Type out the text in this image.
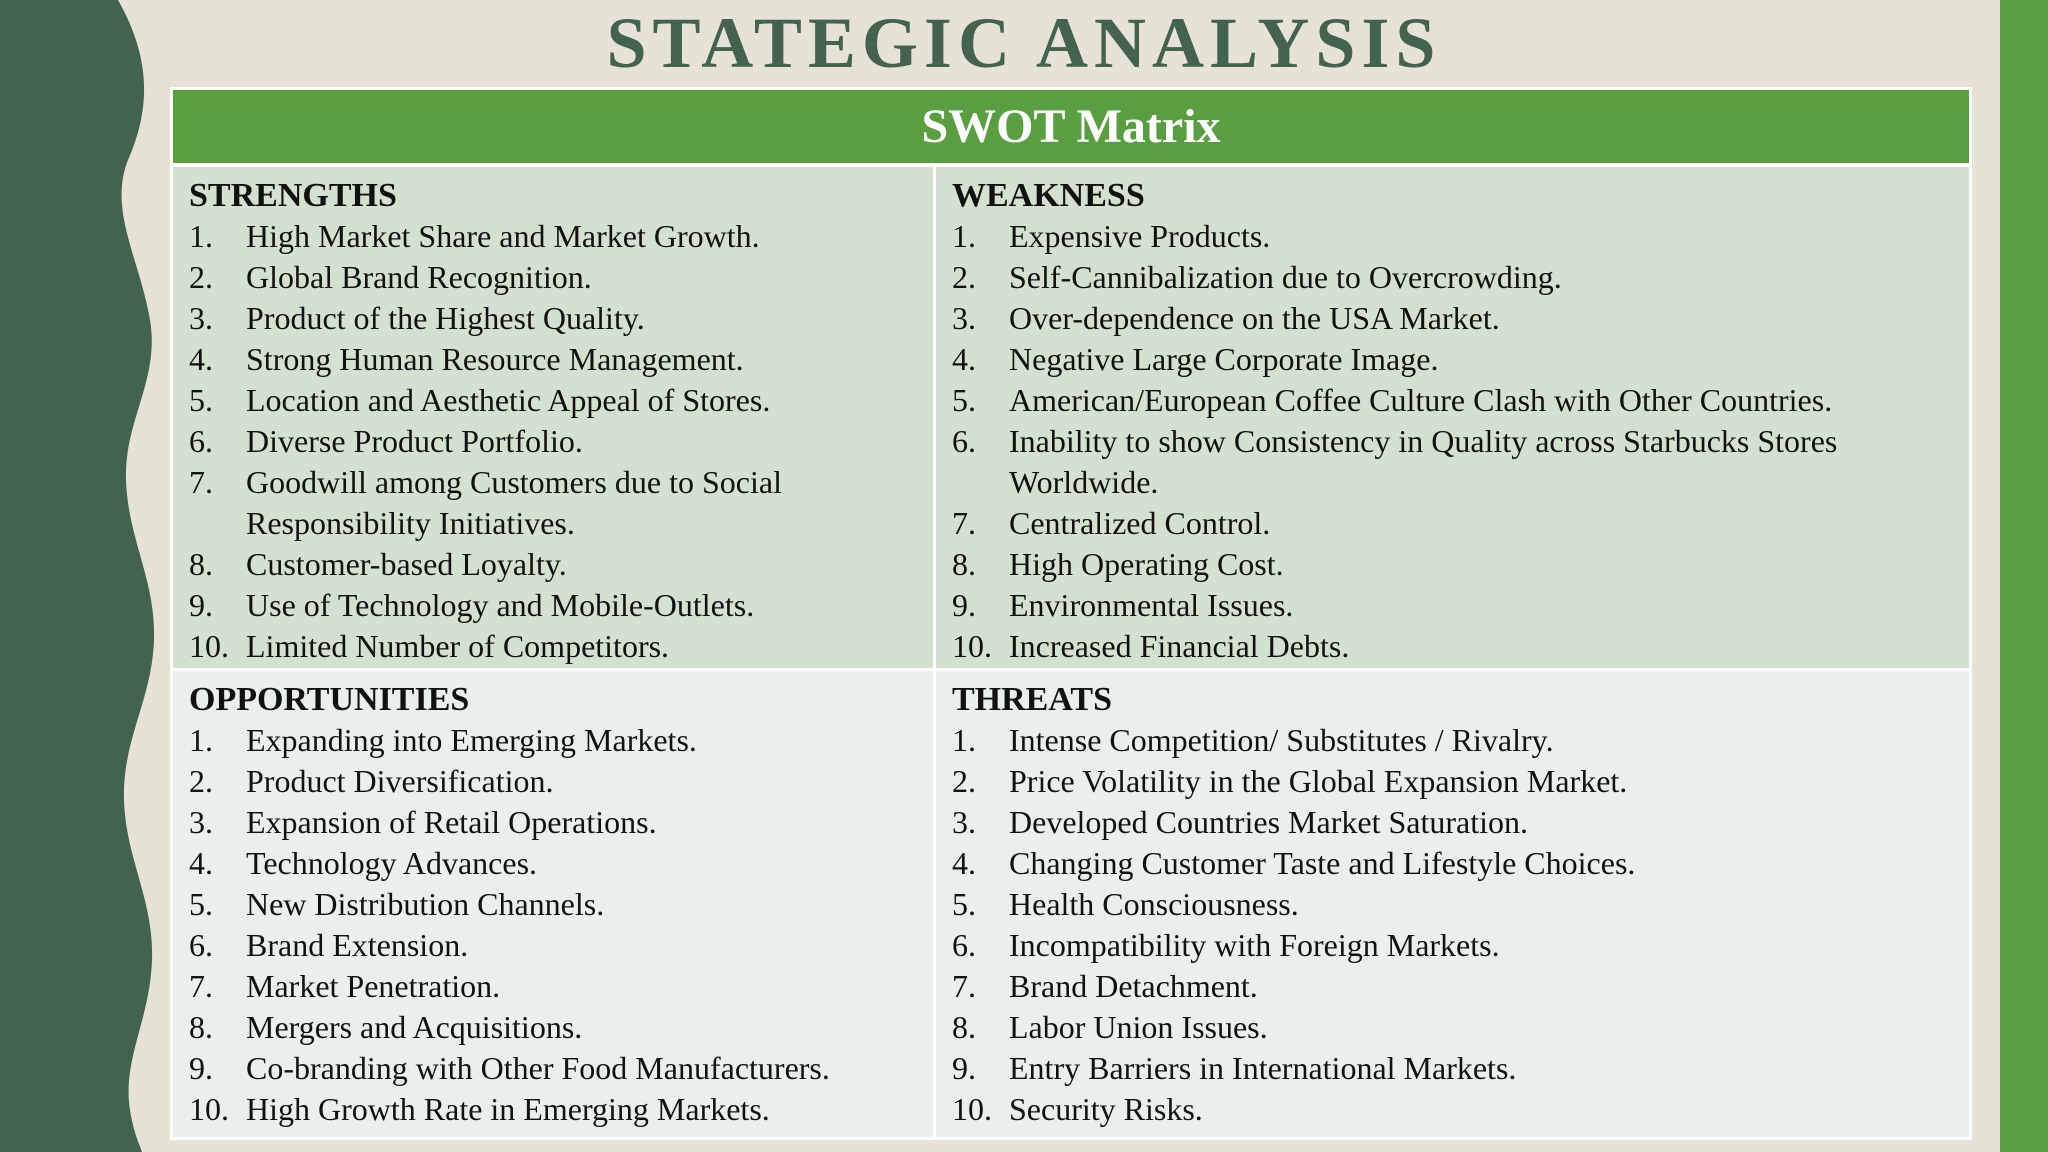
STATEGIC ANALYSIS
SWOT Matrix
STRENGTHS
1. High Market Share and Market Growth.
2. Global Brand Recognition.
3. Product of the Highest Quality.
4. Strong Human Resource Management.
5. Location and Aesthetic Appeal of Stores.
6. Diverse Product Portfolio.
7. Goodwill among Customers due to Social Responsibility Initiatives.
8. Customer-based Loyalty.
9. Use of Technology and Mobile-Outlets.
10. Limited Number of Competitors.
WEAKNESS
1. Expensive Products.
2. Self-Cannibalization due to Overcrowding.
3. Over-dependence on the USA Market.
4. Negative Large Corporate Image.
5. American/European Coffee Culture Clash with Other Countries.
6. Inability to show Consistency in Quality across Starbucks Stores Worldwide.
7. Centralized Control.
8. High Operating Cost.
9. Environmental Issues.
10. Increased Financial Debts.
OPPORTUNITIES
1. Expanding into Emerging Markets.
2. Product Diversification.
3. Expansion of Retail Operations.
4. Technology Advances.
5. New Distribution Channels.
6. Brand Extension.
7. Market Penetration.
8. Mergers and Acquisitions.
9. Co-branding with Other Food Manufacturers.
10. High Growth Rate in Emerging Markets.
THREATS
1. Intense Competition/ Substitutes / Rivalry.
2. Price Volatility in the Global Expansion Market.
3. Developed Countries Market Saturation.
4. Changing Customer Taste and Lifestyle Choices.
5. Health Consciousness.
6. Incompatibility with Foreign Markets.
7. Brand Detachment.
8. Labor Union Issues.
9. Entry Barriers in International Markets.
10. Security Risks.
